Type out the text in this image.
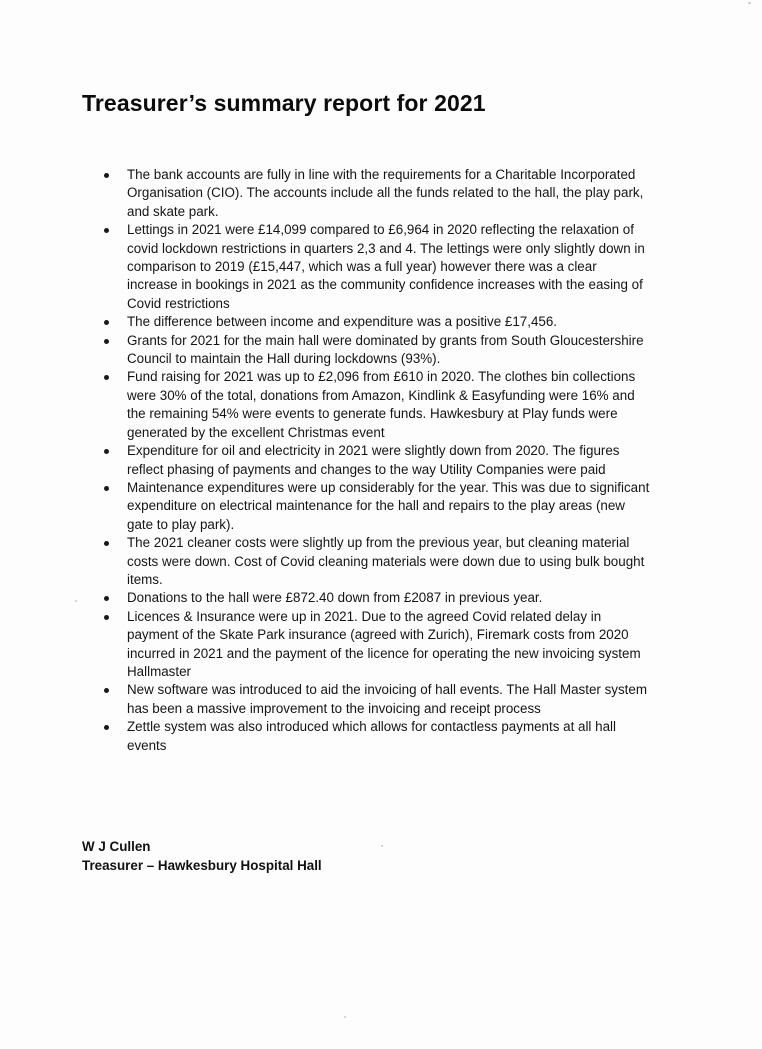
Treasurer’s summary report for 2021
The bank accounts are fully in line with the requirements for a Charitable Incorporated Organisation (CIO). The accounts include all the funds related to the hall, the play park, and skate park.
Lettings in 2021 were £14,099 compared to £6,964 in 2020 reflecting the relaxation of covid lockdown restrictions in quarters 2,3 and 4. The lettings were only slightly down in comparison to 2019 (£15,447, which was a full year) however there was a clear increase in bookings in 2021 as the community confidence increases with the easing of Covid restrictions
The difference between income and expenditure was a positive £17,456.
Grants for 2021 for the main hall were dominated by grants from South Gloucestershire Council to maintain the Hall during lockdowns (93%).
Fund raising for 2021 was up to £2,096 from £610 in 2020. The clothes bin collections were 30% of the total, donations from Amazon, Kindlink & Easyfunding were 16% and the remaining 54% were events to generate funds. Hawkesbury at Play funds were generated by the excellent Christmas event
Expenditure for oil and electricity in 2021 were slightly down from 2020. The figures reflect phasing of payments and changes to the way Utility Companies were paid
Maintenance expenditures were up considerably for the year. This was due to significant expenditure on electrical maintenance for the hall and repairs to the play areas (new gate to play park).
The 2021 cleaner costs were slightly up from the previous year, but cleaning material costs were down. Cost of Covid cleaning materials were down due to using bulk bought items.
Donations to the hall were £872.40 down from £2087 in previous year.
Licences & Insurance were up in 2021. Due to the agreed Covid related delay in payment of the Skate Park insurance (agreed with Zurich), Firemark costs from 2020 incurred in 2021 and the payment of the licence for operating the new invoicing system Hallmaster
New software was introduced to aid the invoicing of hall events. The Hall Master system has been a massive improvement to the invoicing and receipt process
Zettle system was also introduced which allows for contactless payments at all hall events
W J Cullen
Treasurer – Hawkesbury Hospital Hall
